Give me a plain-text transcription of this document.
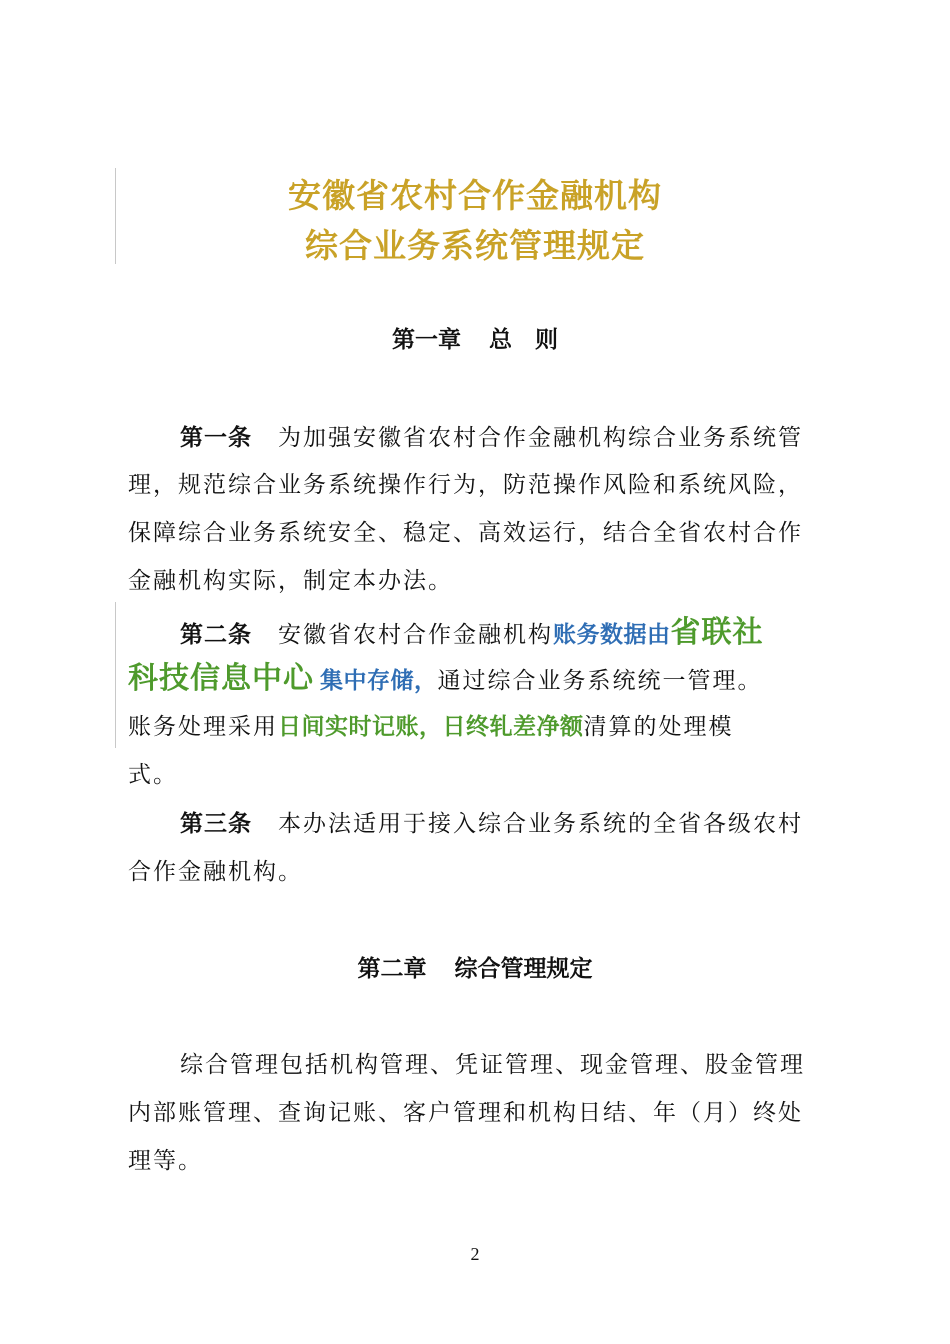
安徽省农村合作金融机构
综合业务系统管理规定
第一章 总　则
第一条 为加强安徽省农村合作金融机构综合业务系统管
理，规范综合业务系统操作行为，防范操作风险和系统风险，
保障综合业务系统安全、稳定、高效运行，结合全省农村合作
金融机构实际，制定本办法。
第二条 安徽省农村合作金融机构账务数据由省联社
科技信息中心 集中存储，通过综合业务系统统一管理。
账务处理采用日间实时记账，日终轧差净额清算的处理模
式。
第三条 本办法适用于接入综合业务系统的全省各级农村
合作金融机构。
第二章 综合管理规定
综合管理包括机构管理、凭证管理、现金管理、股金管理
内部账管理、查询记账、客户管理和机构日结、年（月）终处
理等。
2
